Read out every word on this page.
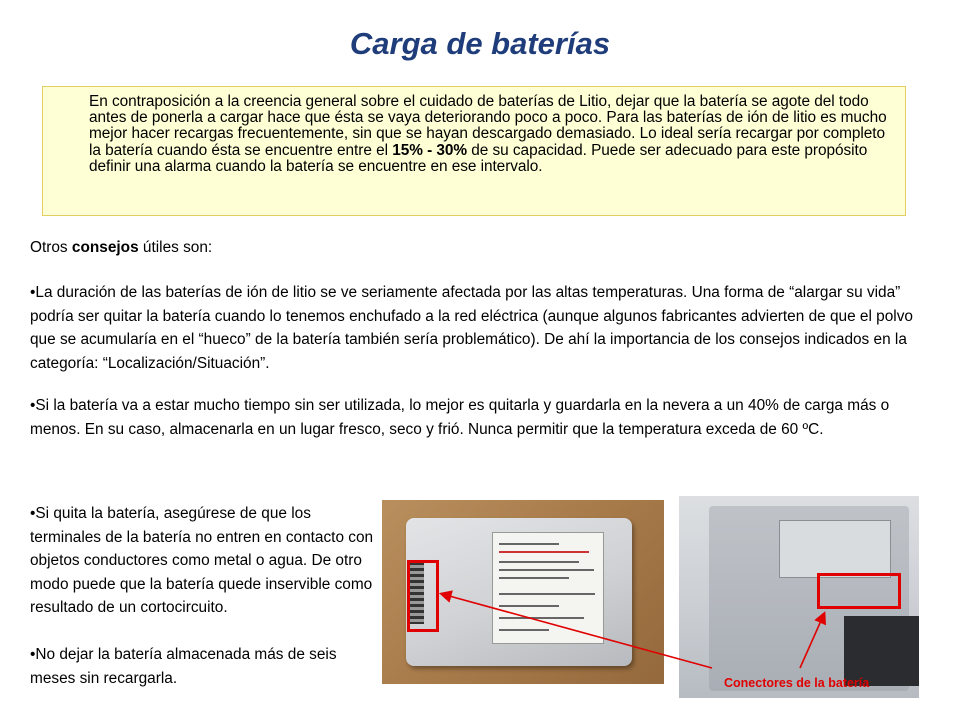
Carga de baterías

En contraposición a la creencia general sobre el cuidado de baterías de Litio, dejar que la batería se agote del todo antes de ponerla a cargar hace que ésta se vaya deteriorando poco a poco. Para las baterías de ión de litio es mucho mejor hacer recargas frecuentemente, sin que se hayan descargado demasiado. Lo ideal sería recargar por completo la batería cuando ésta se encuentre entre el 15% - 30% de su capacidad. Puede ser adecuado para este propósito definir una alarma cuando la batería se encuentre en ese intervalo.

Otros consejos útiles son:

•La duración de las baterías de ión de litio se ve seriamente afectada por las altas temperaturas. Una forma de “alargar su vida” podría ser quitar la batería cuando lo tenemos enchufado a la red eléctrica (aunque algunos fabricantes advierten de que el polvo que se acumularía en el “hueco” de la batería también sería problemático). De ahí la importancia de los consejos indicados en la categoría: “Localización/Situación”.

•Si la batería va a estar mucho tiempo sin ser utilizada, lo mejor es quitarla y guardarla en la nevera a un 40% de carga más o menos. En su caso, almacenarla en un lugar fresco, seco y frió. Nunca permitir que la temperatura exceda de 60 ºC.

•Si quita la batería, asegúrese de que los terminales de la batería no entren en contacto con objetos conductores como metal o agua. De otro modo puede que la batería quede inservible como resultado de un cortocircuito.

•No dejar la batería almacenada más de seis meses sin recargarla.	Conectores de la batería
